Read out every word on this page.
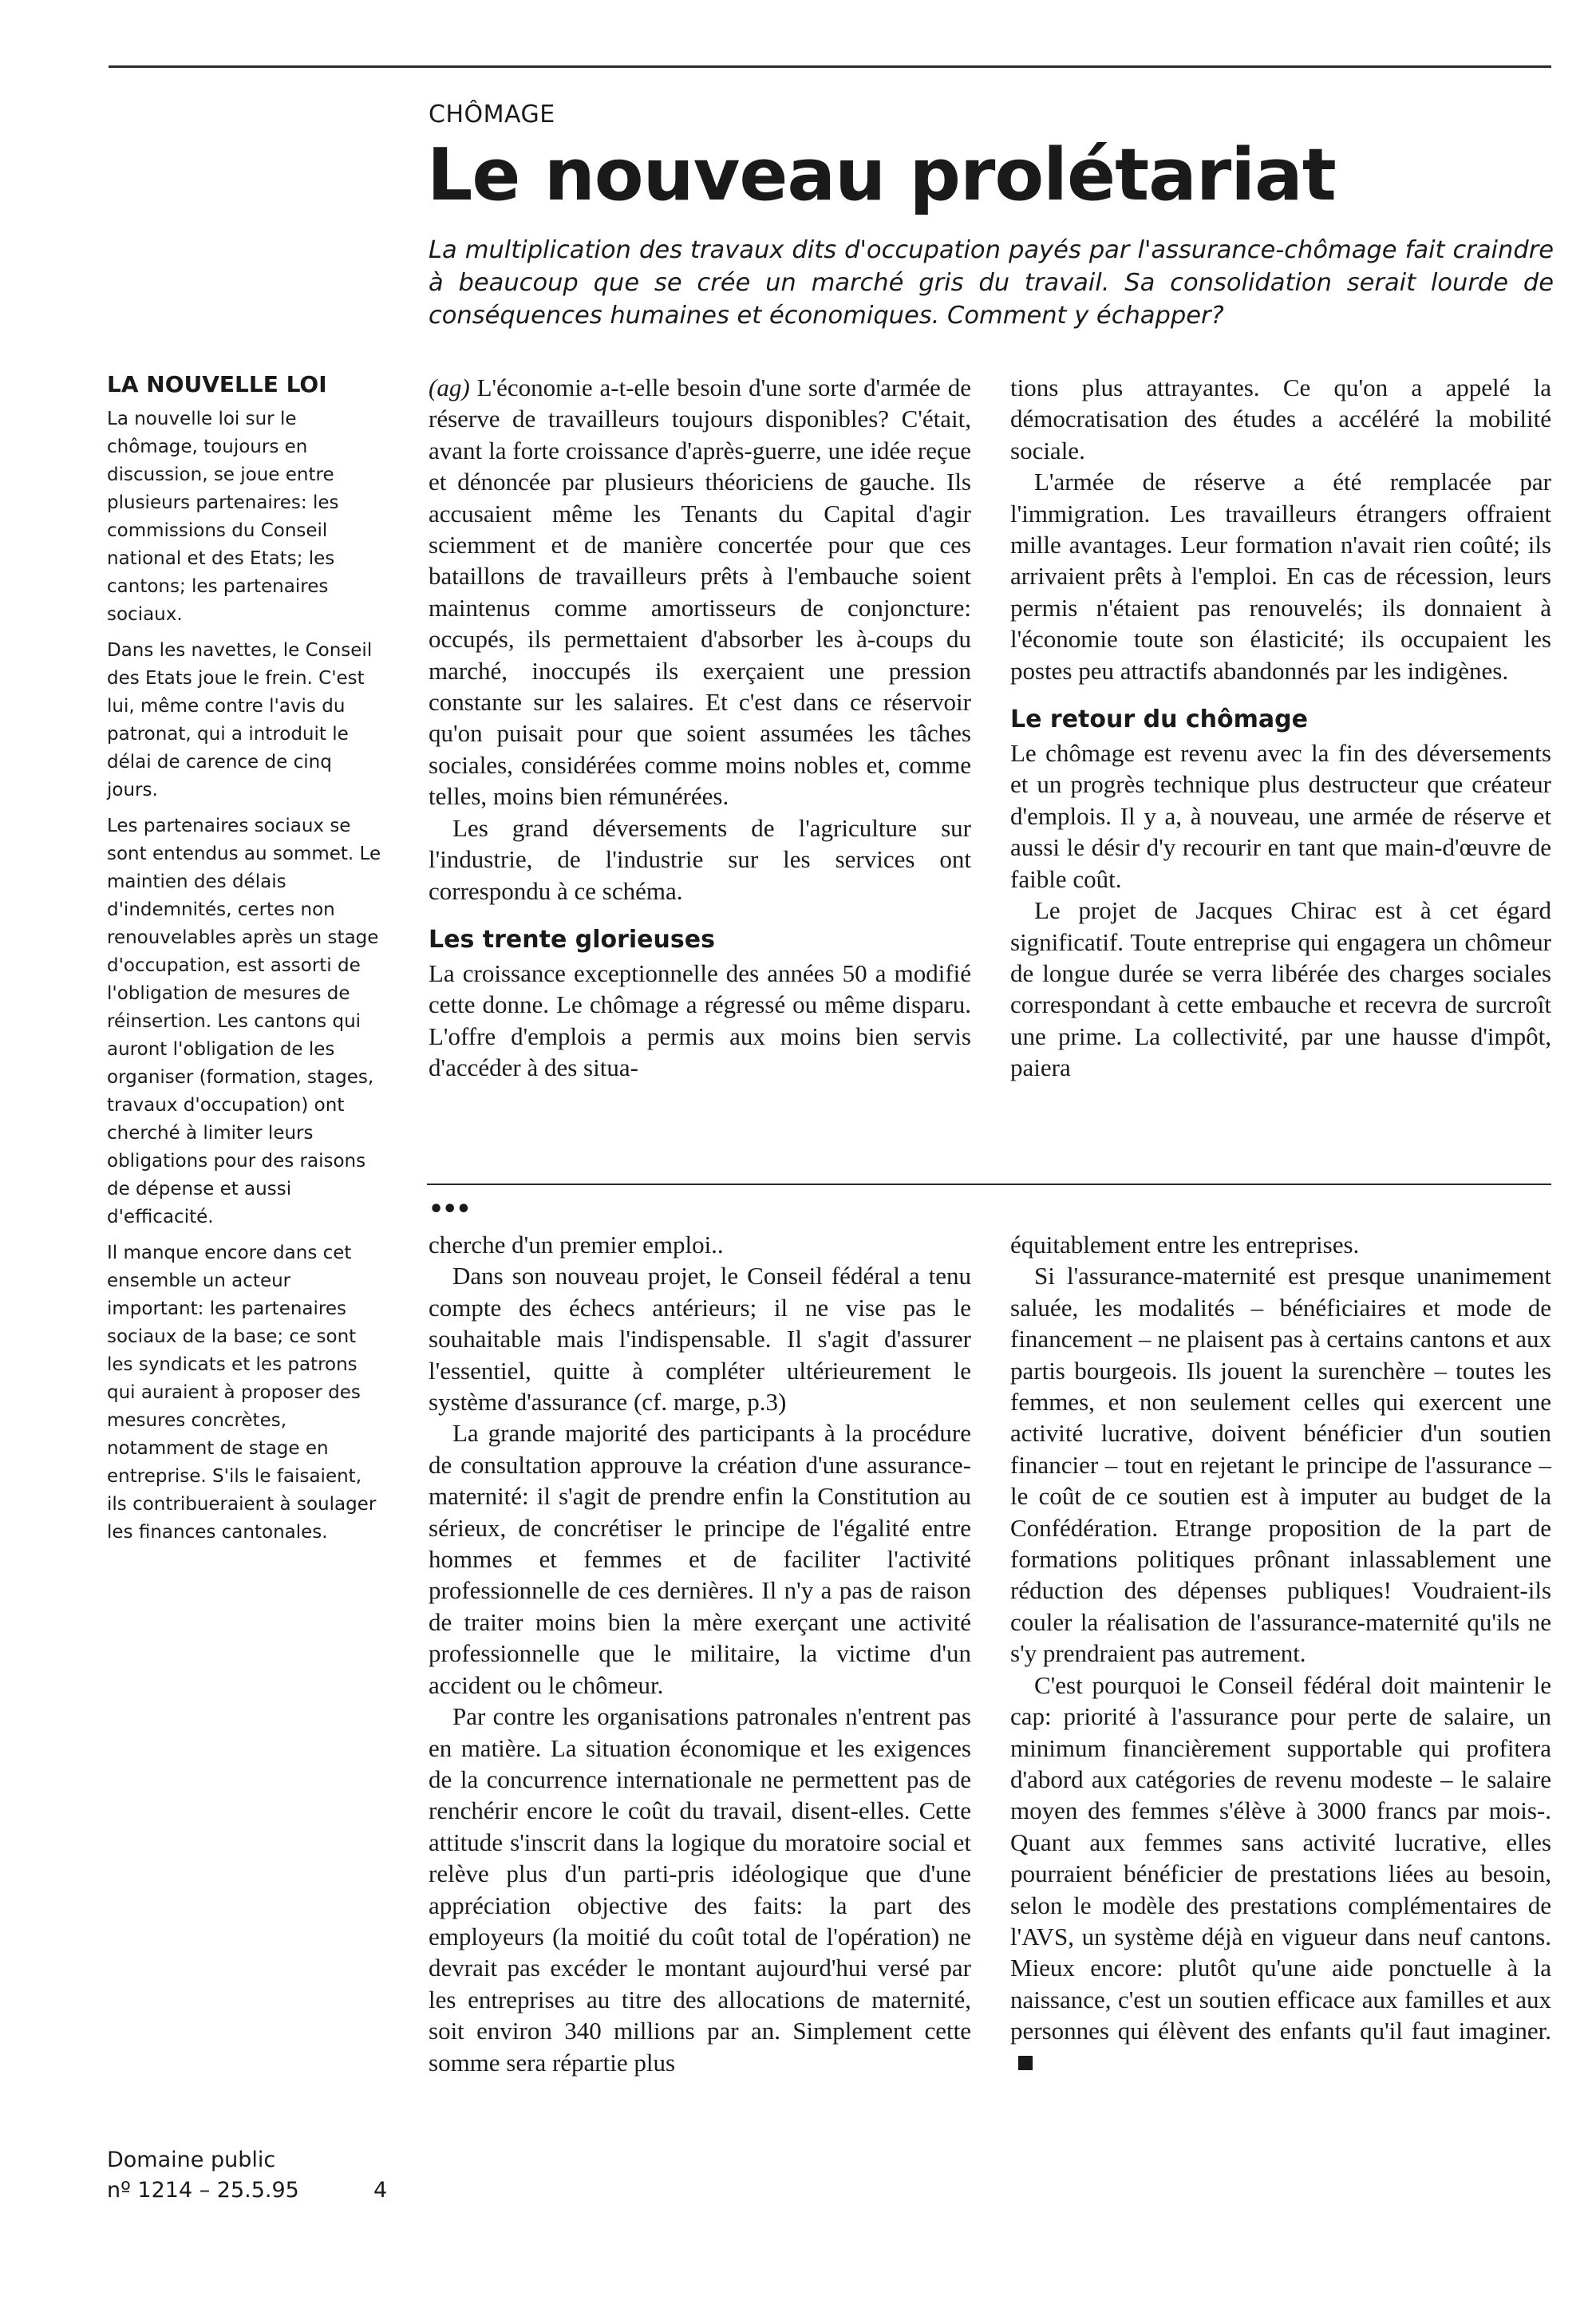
CHÔMAGE
Le nouveau prolétariat

La multiplication des travaux dits d'occupation payés par l'assurance-chômage fait craindre à beaucoup que se crée un marché gris du travail. Sa consolidation serait lourde de conséquences humaines et économiques. Comment y échapper?

LA NOUVELLE LOI

La nouvelle loi sur le chômage, toujours en discussion, se joue entre plusieurs partenaires: les commissions du Conseil national et des Etats; les cantons; les partenaires sociaux.

Dans les navettes, le Conseil des Etats joue le frein. C'est lui, même contre l'avis du patronat, qui a introduit le délai de carence de cinq jours.

Les partenaires sociaux se sont entendus au sommet. Le maintien des délais d'indemnités, certes non renouvelables après un stage d'occupation, est assorti de l'obligation de mesures de réinsertion. Les cantons qui auront l'obligation de les organiser (formation, stages, travaux d'occupation) ont cherché à limiter leurs obligations pour des raisons de dépense et aussi d'efficacité.

Il manque encore dans cet ensemble un acteur important: les partenaires sociaux de la base; ce sont les syndicats et les patrons qui auraient à proposer des mesures concrètes, notamment de stage en entreprise. S'ils le faisaient, ils contribueraient à soulager les finances cantonales.

(ag) L'économie a-t-elle besoin d'une sorte d'armée de réserve de travailleurs toujours disponibles? C'était, avant la forte croissance d'après-guerre, une idée reçue et dénoncée par plusieurs théoriciens de gauche. Ils accusaient même les Tenants du Capital d'agir sciemment et de manière concertée pour que ces bataillons de travailleurs prêts à l'embauche soient maintenus comme amortisseurs de conjoncture: occupés, ils permettaient d'absorber les à-coups du marché, inoccupés ils exerçaient une pression constante sur les salaires. Et c'est dans ce réservoir qu'on puisait pour que soient assumées les tâches sociales, considérées comme moins nobles et, comme telles, moins bien rémunérées.

Les grand déversements de l'agriculture sur l'industrie, de l'industrie sur les services ont correspondu à ce schéma.

Les trente glorieuses

La croissance exceptionnelle des années 50 a modifié cette donne. Le chômage a régressé ou même disparu. L'offre d'emplois a permis aux moins bien servis d'accéder à des situa-

tions plus attrayantes. Ce qu'on a appelé la démocratisation des études a accéléré la mobilité sociale.

L'armée de réserve a été remplacée par l'immigration. Les travailleurs étrangers offraient mille avantages. Leur formation n'avait rien coûté; ils arrivaient prêts à l'emploi. En cas de récession, leurs permis n'étaient pas renouvelés; ils donnaient à l'économie toute son élasticité; ils occupaient les postes peu attractifs abandonnés par les indigènes.

Le retour du chômage

Le chômage est revenu avec la fin des déversements et un progrès technique plus destructeur que créateur d'emplois. Il y a, à nouveau, une armée de réserve et aussi le désir d'y recourir en tant que main-d'œuvre de faible coût.

Le projet de Jacques Chirac est à cet égard significatif. Toute entreprise qui engagera un chômeur de longue durée se verra libérée des charges sociales correspondant à cette embauche et recevra de surcroît une prime. La collectivité, par une hausse d'impôt, paiera

•••

cherche d'un premier emploi..

Dans son nouveau projet, le Conseil fédéral a tenu compte des échecs antérieurs; il ne vise pas le souhaitable mais l'indispensable. Il s'agit d'assurer l'essentiel, quitte à compléter ultérieurement le système d'assurance (cf. marge, p.3)

La grande majorité des participants à la procédure de consultation approuve la création d'une assurance-maternité: il s'agit de prendre enfin la Constitution au sérieux, de concrétiser le principe de l'égalité entre hommes et femmes et de faciliter l'activité professionnelle de ces dernières. Il n'y a pas de raison de traiter moins bien la mère exerçant une activité professionnelle que le militaire, la victime d'un accident ou le chômeur.

Par contre les organisations patronales n'entrent pas en matière. La situation économique et les exigences de la concurrence internationale ne permettent pas de renchérir encore le coût du travail, disent-elles. Cette attitude s'inscrit dans la logique du moratoire social et relève plus d'un parti-pris idéologique que d'une appréciation objective des faits: la part des employeurs (la moitié du coût total de l'opération) ne devrait pas excéder le montant aujourd'hui versé par les entreprises au titre des allocations de maternité, soit environ 340 millions par an. Simplement cette somme sera répartie plus

équitablement entre les entreprises.

Si l'assurance-maternité est presque unanimement saluée, les modalités – bénéficiaires et mode de financement – ne plaisent pas à certains cantons et aux partis bourgeois. Ils jouent la surenchère – toutes les femmes, et non seulement celles qui exercent une activité lucrative, doivent bénéficier d'un soutien financier – tout en rejetant le principe de l'assurance – le coût de ce soutien est à imputer au budget de la Confédération. Etrange proposition de la part de formations politiques prônant inlassablement une réduction des dépenses publiques! Voudraient-ils couler la réalisation de l'assurance-maternité qu'ils ne s'y prendraient pas autrement.

C'est pourquoi le Conseil fédéral doit maintenir le cap: priorité à l'assurance pour perte de salaire, un minimum financièrement supportable qui profitera d'abord aux catégories de revenu modeste – le salaire moyen des femmes s'élève à 3000 francs par mois-. Quant aux femmes sans activité lucrative, elles pourraient bénéficier de prestations liées au besoin, selon le modèle des prestations complémentaires de l'AVS, un système déjà en vigueur dans neuf cantons. Mieux encore: plutôt qu'une aide ponctuelle à la naissance, c'est un soutien efficace aux familles et aux personnes qui élèvent des enfants qu'il faut imaginer.

Domaine public
nº 1214 – 25.5.95	4
